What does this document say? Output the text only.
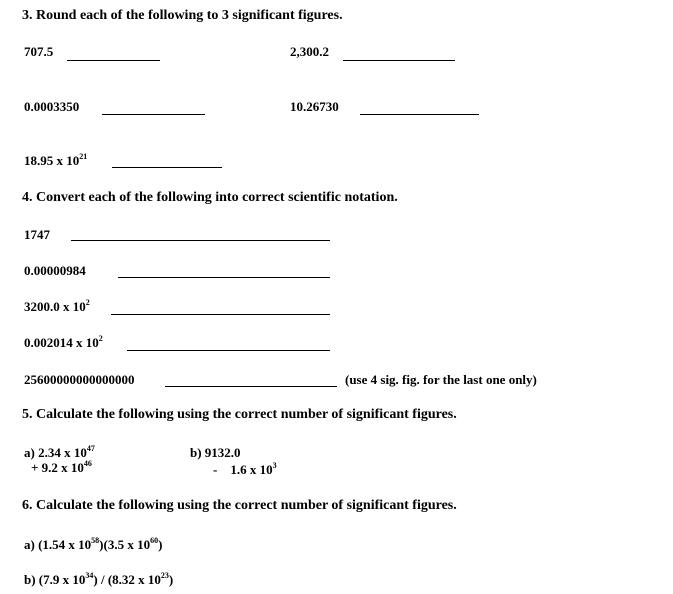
3. Round each of the following to 3 significant figures.
707.5	2,300.2
0.0003350	10.26730
18.95 x $10^{21}$
4. Convert each of the following into correct scientific notation.
1747
0.00000984
3200.0 x $10^2$
0.002014 x $10^2$
25600000000000000	(use 4 sig. fig. for the last one only)
5. Calculate the following using the correct number of significant figures.
a) 2.34 x $10^{47}$
+ 9.2 x $10^{46}$
b) 9132.0
-    1.6 x $10^3$
6. Calculate the following using the correct number of significant figures.
a) (1.54 x $10^{58})(3.5$ x $10^{60}$)
b) (7.9 x $10^{34}) / (8.32$ x $10^{23}$)
